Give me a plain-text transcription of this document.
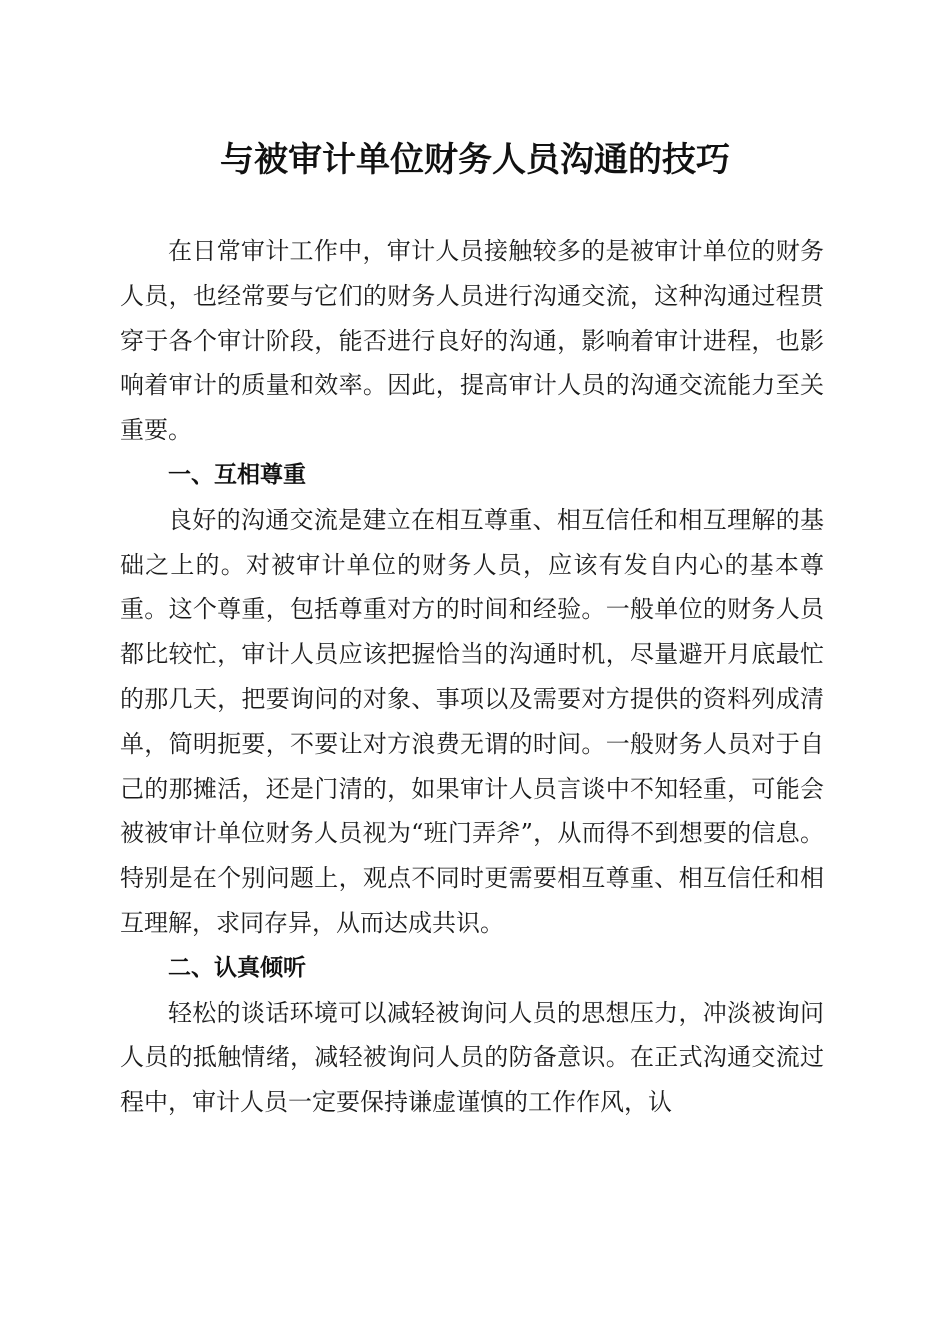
与被审计单位财务人员沟通的技巧

在日常审计工作中，审计人员接触较多的是被审计单位的财务人员，也经常要与它们的财务人员进行沟通交流，这种沟通过程贯穿于各个审计阶段，能否进行良好的沟通，影响着审计进程，也影响着审计的质量和效率。因此，提高审计人员的沟通交流能力至关重要。

一、互相尊重

良好的沟通交流是建立在相互尊重、相互信任和相互理解的基础之上的。对被审计单位的财务人员，应该有发自内心的基本尊重。这个尊重，包括尊重对方的时间和经验。一般单位的财务人员都比较忙，审计人员应该把握恰当的沟通时机，尽量避开月底最忙的那几天，把要询问的对象、事项以及需要对方提供的资料列成清单，简明扼要，不要让对方浪费无谓的时间。一般财务人员对于自己的那摊活，还是门清的，如果审计人员言谈中不知轻重，可能会被被审计单位财务人员视为“班门弄斧”，从而得不到想要的信息。特别是在个别问题上，观点不同时更需要相互尊重、相互信任和相互理解，求同存异，从而达成共识。

二、认真倾听

轻松的谈话环境可以减轻被询问人员的思想压力，冲淡被询问人员的抵触情绪，减轻被询问人员的防备意识。在正式沟通交流过程中，审计人员一定要保持谦虚谨慎的工作作风，认
